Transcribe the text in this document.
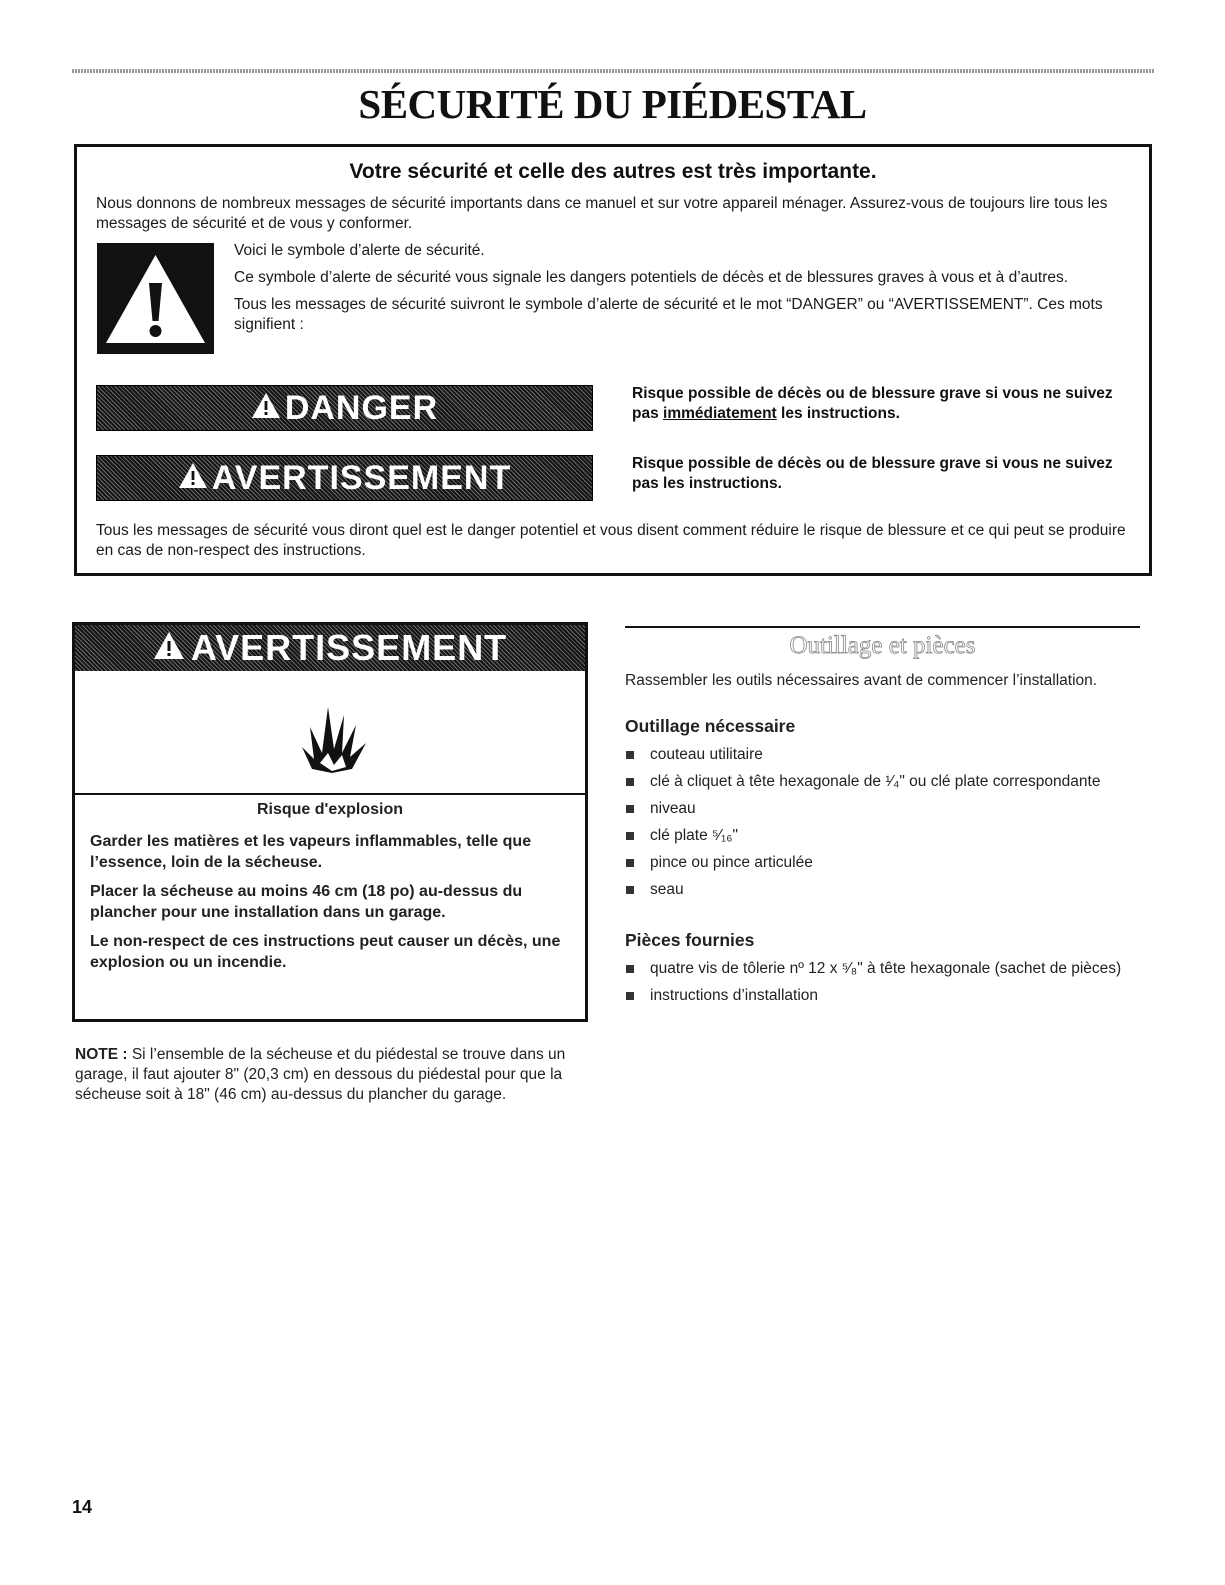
SÉCURITÉ DU PIÉDESTAL
Votre sécurité et celle des autres est très importante.
Nous donnons de nombreux messages de sécurité importants dans ce manuel et sur votre appareil ménager. Assurez-vous de toujours lire tous les messages de sécurité et de vous y conformer.

Voici le symbole d’alerte de sécurité.

Ce symbole d’alerte de sécurité vous signale les dangers potentiels de décès et de blessures graves à vous et à d’autres.

Tous les messages de sécurité suivront le symbole d’alerte de sécurité et le mot “DANGER” ou “AVERTISSEMENT”. Ces mots signifient :

DANGER	Risque possible de décès ou de blessure grave si vous ne suivez pas immédiatement les instructions.
AVERTISSEMENT	Risque possible de décès ou de blessure grave si vous ne suivez pas les instructions.
Tous les messages de sécurité vous diront quel est le danger potentiel et vous disent comment réduire le risque de blessure et ce qui peut se produire en cas de non-respect des instructions.
AVERTISSEMENT
Risque d'explosion

Garder les matières et les vapeurs inflammables, telle que l’essence, loin de la sécheuse.

Placer la sécheuse au moins 46 cm (18 po) au-dessus du plancher pour une installation dans un garage.

Le non-respect de ces instructions peut causer un décès, une explosion ou un incendie.

NOTE : Si l’ensemble de la sécheuse et du piédestal se trouve dans un garage, il faut ajouter 8" (20,3 cm) en dessous du piédestal pour que la sécheuse soit à 18" (46 cm) au-dessus du plancher du garage.
Outillage et pièces
Rassembler les outils nécessaires avant de commencer l’installation.
Outillage nécessaire
couteau utilitaire
clé à cliquet à tête hexagonale de ¹⁄₄" ou clé plate correspondante
niveau
clé plate ⁵⁄₁₆"
pince ou pince articulée
seau
Pièces fournies
quatre vis de tôlerie nº 12 x ⁵⁄₈" à tête hexagonale (sachet de pièces)
instructions d’installation
14
